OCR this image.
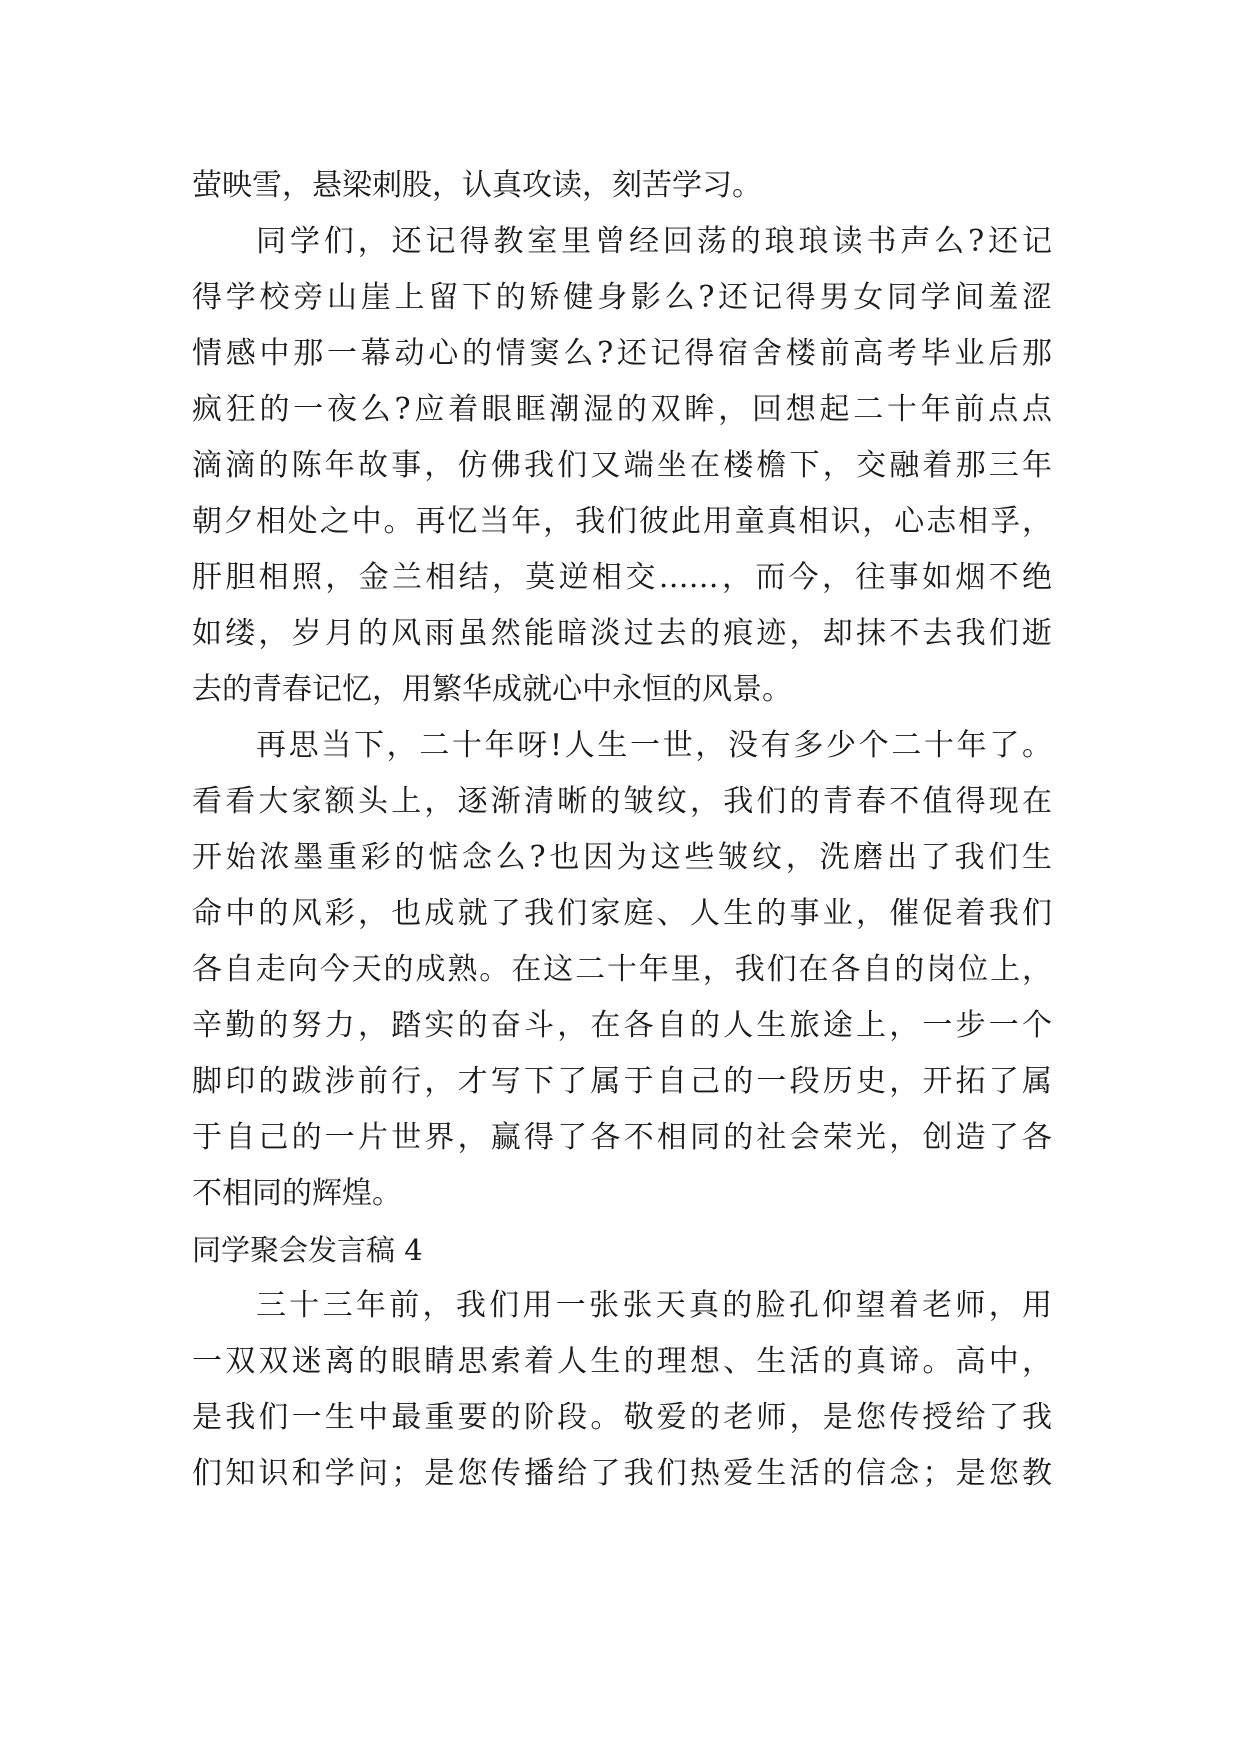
萤映雪，悬梁刺股，认真攻读，刻苦学习。
同学们，还记得教室里曾经回荡的琅琅读书声么?还记
得学校旁山崖上留下的矫健身影么?还记得男女同学间羞涩
情感中那一幕动心的情窦么?还记得宿舍楼前高考毕业后那
疯狂的一夜么?应着眼眶潮湿的双眸，回想起二十年前点点
滴滴的陈年故事，仿佛我们又端坐在楼檐下，交融着那三年
朝夕相处之中。再忆当年，我们彼此用童真相识，心志相孚，
肝胆相照，金兰相结，莫逆相交……，而今，往事如烟不绝
如缕，岁月的风雨虽然能暗淡过去的痕迹，却抹不去我们逝
去的青春记忆，用繁华成就心中永恒的风景。
再思当下，二十年呀!人生一世，没有多少个二十年了。
看看大家额头上，逐渐清晰的皱纹，我们的青春不值得现在
开始浓墨重彩的惦念么?也因为这些皱纹，洗磨出了我们生
命中的风彩，也成就了我们家庭、人生的事业，催促着我们
各自走向今天的成熟。在这二十年里，我们在各自的岗位上，
辛勤的努力，踏实的奋斗，在各自的人生旅途上，一步一个
脚印的跋涉前行，才写下了属于自己的一段历史，开拓了属
于自己的一片世界，赢得了各不相同的社会荣光，创造了各
不相同的辉煌。
同学聚会发言稿 4
三十三年前，我们用一张张天真的脸孔仰望着老师，用
一双双迷离的眼睛思索着人生的理想、生活的真谛。高中，
是我们一生中最重要的阶段。敬爱的老师，是您传授给了我
们知识和学问；是您传播给了我们热爱生活的信念；是您教
